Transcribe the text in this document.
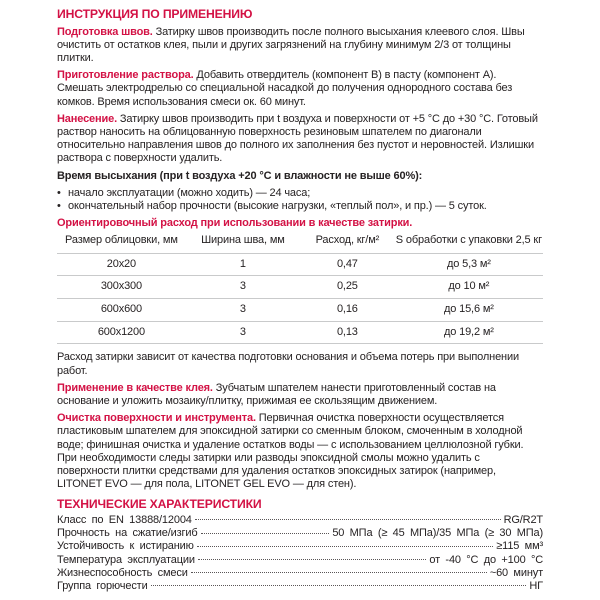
ИНСТРУКЦИЯ ПО ПРИМЕНЕНИЮ

Подготовка швов. Затирку швов производить после полного высыхания клеевого слоя. Швы очистить от остатков клея, пыли и других загрязнений на глубину минимум 2/3 от толщины плитки.

Приготовление раствора. Добавить отвердитель (компонент B) в пасту (компонент A). Смешать электродрелью со специальной насадкой до получения однородного состава без комков. Время использования смеси ок. 60 минут.

Нанесение. Затирку швов производить при t воздуха и поверхности от +5 °С до +30 °С. Готовый раствор наносить на облицованную поверхность резиновым шпателем по диагонали относительно направления швов до полного их заполнения без пустот и неровностей. Излишки раствора с поверхности удалить.

Время высыхания (при t воздуха +20 °С и влажности не выше 60%):

• начало эксплуатации (можно ходить) — 24 часа;
• окончательный набор прочности (высокие нагрузки, «теплый пол», и пр.) — 5 суток.

Ориентировочный расход при использовании в качестве затирки.

Размер облицовки, мм	Ширина шва, мм	Расход, кг/м²	S обработки с упаковки 2,5 кг
20x20	1	0,47	до 5,3 м²
300x300	3	0,25	до 10 м²
600x600	3	0,16	до 15,6 м²
600x1200	3	0,13	до 19,2 м²

Расход затирки зависит от качества подготовки основания и объема потерь при выполнении работ.

Применение в качестве клея. Зубчатым шпателем нанести приготовленный состав на основание и уложить мозаику/плитку, прижимая ее скользящим движением.

Очистка поверхности и инструмента. Первичная очистка поверхности осуществляется пластиковым шпателем для эпоксидной затирки со сменным блоком, смоченным в холодной воде; финишная очистка и удаление остатков воды — с использованием целлюлозной губки. При необходимости следы затирки или разводы эпоксидной смолы можно удалить с поверхности плитки средствами для удаления остатков эпоксидных затирок (например, LITONET EVO — для пола, LITONET GEL EVO — для стен).

ТЕХНИЧЕСКИЕ ХАРАКТЕРИСТИКИ
Класс по EN 13888/12004	RG/R2T
Прочность на сжатие/изгиб	50 МПа (≥ 45 МПа)/35 МПа (≥ 30 МПа)
Устойчивость к истиранию	≥115 мм³
Температура эксплуатации	от -40 °С до +100 °С
Жизнеспособность смеси	~60 минут
Группа горючести	НГ
